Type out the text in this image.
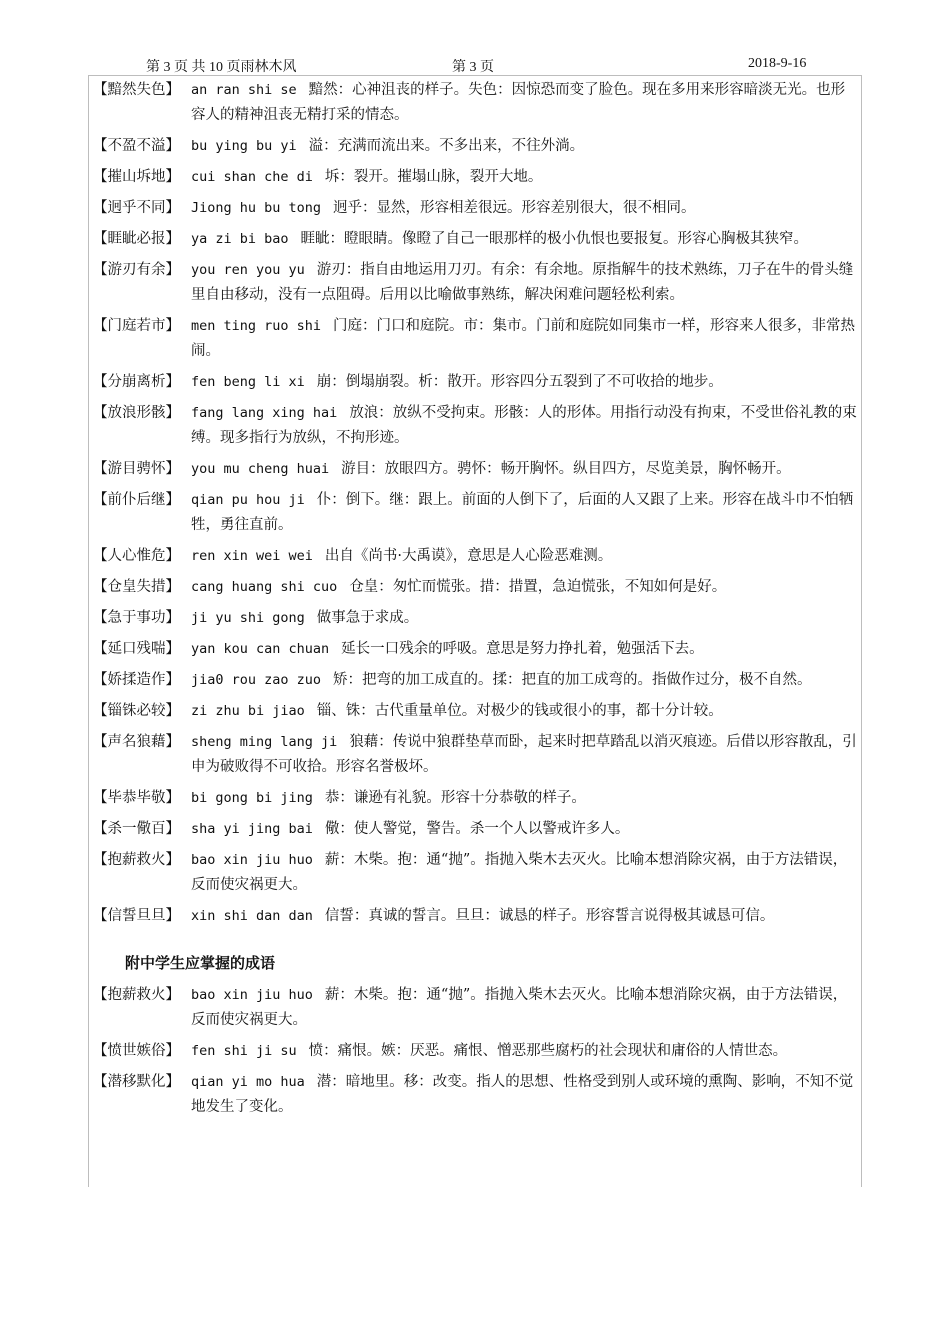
第 3 页 共 10 页雨林木风	第 3 页	2018-9-16
【黯然失色】 an ran shi se 黯然：心神沮丧的样子。失色：因惊恐而变了脸色。现在多用来形容暗淡无光。也形容人的精神沮丧无精打采的情态。
【不盈不溢】 bu ying bu yi 溢：充满而流出来。不多出来，不往外淌。
【摧山坼地】 cui shan che di 坼：裂开。摧塌山脉，裂开大地。
【迥乎不同】 Jiong hu bu tong 迥乎：显然，形容相差很远。形容差别很大，很不相同。
【睚眦必报】 ya zi bi bao 睚眦：瞪眼睛。像瞪了自己一眼那样的极小仇恨也要报复。形容心胸极其狭窄。
【游刃有余】 you ren you yu 游刃：指自由地运用刀刃。有余：有余地。原指解牛的技术熟练，刀子在牛的骨头缝里自由移动，没有一点阻碍。后用以比喻做事熟练，解决闲难问题轻松利索。
【门庭若市】 men ting ruo shi 门庭：门口和庭院。市：集市。门前和庭院如同集市一样，形容来人很多，非常热闹。
【分崩离析】 fen beng li xi 崩：倒塌崩裂。析：散开。形容四分五裂到了不可收拾的地步。
【放浪形骸】 fang lang xing hai 放浪：放纵不受拘束。形骸：人的形体。用指行动没有拘束，不受世俗礼教的束缚。现多指行为放纵，不拘形迹。
【游目骋怀】 you mu cheng huai 游目：放眼四方。骋怀：畅开胸怀。纵目四方，尽览美景，胸怀畅开。
【前仆后继】 qian pu hou ji 仆：倒下。继：跟上。前面的人倒下了，后面的人又跟了上来。形容在战斗巾不怕牺牲，勇往直前。
【人心惟危】 ren xin wei wei 出自《尚书·大禹谟》，意思是人心险恶难测。
【仓皇失措】 cang huang shi cuo 仓皇：匆忙而慌张。措：措置，急迫慌张，不知如何是好。
【急于事功】 ji yu shi gong 做事急于求成。
【延口残喘】 yan kou can chuan 延长一口残余的呼吸。意思是努力挣扎着，勉强活下去。
【娇揉造作】 jia0 rou zao zuo 矫：把弯的加工成直的。揉：把直的加工成弯的。指做作过分，极不自然。
【锱铢必较】 zi zhu bi jiao 锱、铢：古代重量单位。对极少的钱或很小的事，都十分计较。
【声名狼藉】 sheng ming lang ji 狼藉：传说中狼群垫草而卧，起来时把草踏乱以消灭痕迹。后借以形容散乱，引申为破败得不可收拾。形容名誉极坏。
【毕恭毕敬】 bi gong bi jing 恭：谦逊有礼貌。形容十分恭敬的样子。
【杀一儆百】 sha yi jing bai 儆：使人警觉，警告。杀一个人以警戒许多人。
【抱薪救火】 bao xin jiu huo 薪：木柴。抱：通“抛”。指抛入柴木去灭火。比喻本想消除灾祸，由于方法错误，反而使灾祸更大。
【信誓旦旦】 xin shi dan dan 信誓：真诚的誓言。旦旦：诚恳的样子。形容誓言说得极其诚恳可信。
附中学生应掌握的成语
【抱薪救火】 bao xin jiu huo 薪：木柴。抱：通“抛”。指抛入柴木去灭火。比喻本想消除灾祸，由于方法错误，反而使灾祸更大。
【愤世嫉俗】 fen shi ji su 愤：痛恨。嫉：厌恶。痛恨、憎恶那些腐朽的社会现状和庸俗的人情世态。
【潜移默化】 qian yi mo hua 潜：暗地里。移：改变。指人的思想、性格受到别人或环境的熏陶、影响，不知不觉地发生了变化。
